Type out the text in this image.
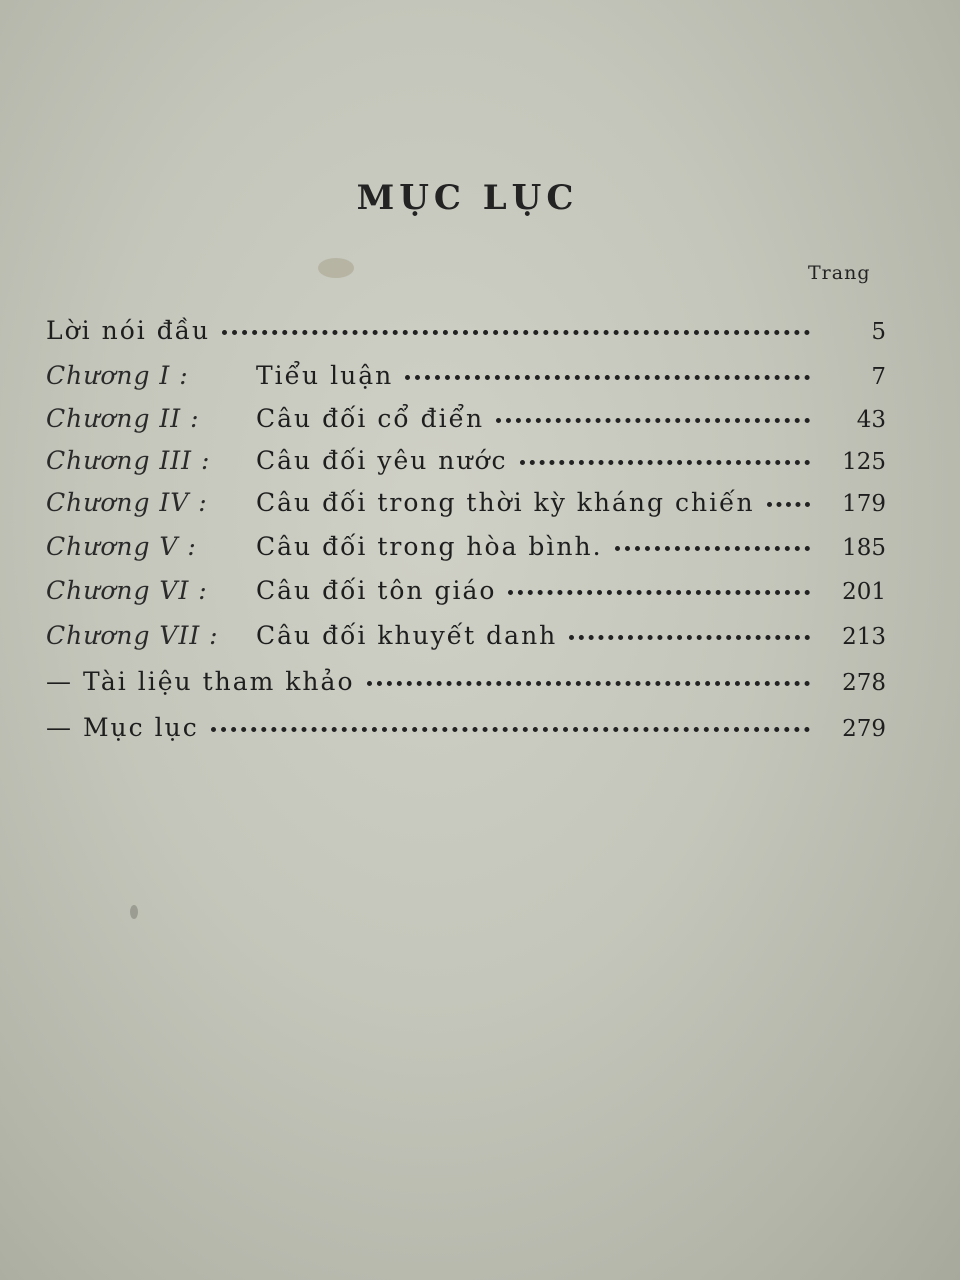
MỤC LỤC
Trang
Lời nói đầu	5
Chương I :	Tiểu luận	7
Chương II :	Câu đối cổ điển	43
Chương III :	Câu đối yêu nước	125
Chương IV :	Câu đối trong thời kỳ kháng chiến	179
Chương V :	Câu đối trong hòa bình.	185
Chương VI :	Câu đối tôn giáo	201
Chương VII :	Câu đối khuyết danh	213
— Tài liệu tham khảo	278
— Mục lục	279
